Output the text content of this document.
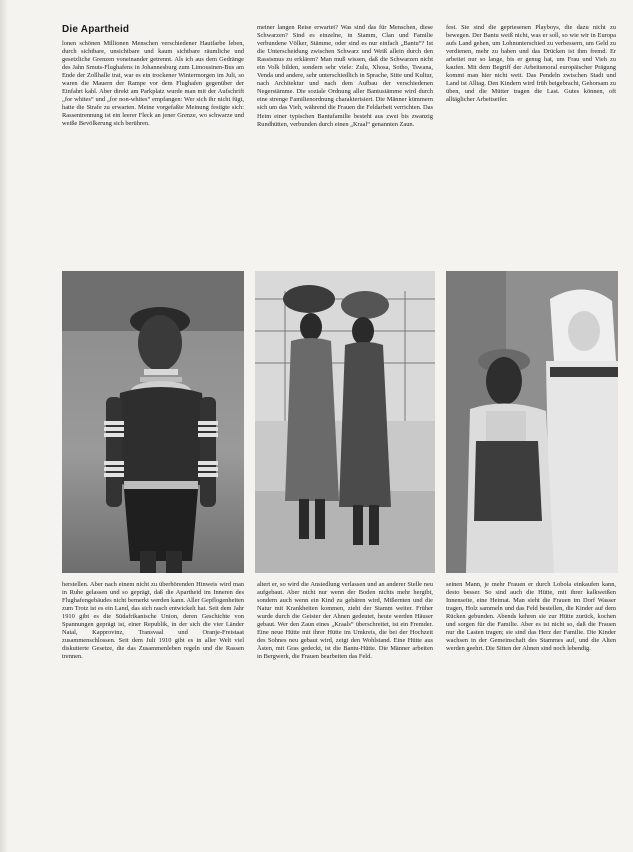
Die Apartheid

lonen schönen Millionen Menschen verschiedener Hautfarbe leben, durch sichtbare, unsichtbare und kaum sichtbare räumliche und gesetzliche Grenzen voneinander getrennt. Als ich aus dem Gedränge des Jahn Smuts-Flughafens in Johannesburg zum Limousinen-Bus am Ende der Zollhalle trat, war es ein trockener Wintermorgen im Juli, so waren die Mauern der Rampe vor dem Flughafen gegenüber der Einfahrt kahl. Aber direkt am Parkplatz wurde man mit der Aufschrift „for whites“ und „for non-whites“ empfangen: Wer sich ihr nicht fügt, hatte die Strafe zu erwarten. Meine vorgefaßte Meinung festigte sich: Rassentrennung ist ein leerer Fleck an jener Grenze, wo schwarze und weiße Bevölkerung sich berühren.

meiner langen Reise erwartet? Was sind das für Menschen, diese Schwarzen? Sind es einzelne, in Stamm, Clan und Familie verbundene Völker, Stämme, oder sind es nur einfach „Bantu“? Ist die Unterscheidung zwischen Schwarz und Weiß allein durch den Rassismus zu erklären? Man muß wissen, daß die Schwarzen nicht ein Volk bilden, sondern sehr viele: Zulu, Xhosa, Sotho, Tswana, Venda und andere, sehr unterschiedlich in Sprache, Sitte und Kultur, nach Architektur und nach dem Aufbau der verschiedenen Negerstämme. Die soziale Ordnung aller Bantustämme wird durch eine strenge Familienordnung charakterisiert. Die Männer kümmern sich um das Vieh, während die Frauen die Feldarbeit verrichten. Das Heim einer typischen Bantufamilie besteht aus zwei bis zwanzig Rundhütten, verbunden durch einen „Kraal“ genannten Zaun.

fest. Sie sind die gepriesenen Playboys, die dazu nicht zu bewegen. Der Bantu weiß nicht, was er soll, so wie wir in Europa aufs Land gehen, um Lohnunterschied zu verbessern, um Geld zu verdienen, mehr zu haben und das Drücken ist ihm fremd. Er arbeitet nur so lange, bis er genug hat, um Frau und Vieh zu kaufen. Mit dem Begriff der Arbeitsmoral europäischer Prägung kommt man hier nicht weit. Das Pendeln zwischen Stadt und Land ist Alltag. Den Kindern wird früh beigebracht, Gehorsam zu üben, und die Mütter tragen die Last. Gutes können, oft alltäglicher Arbeitseifer.

herstellen. Aber nach einem nicht zu überhörenden Hinweis wird man in Ruhe gelassen und so geprägt, daß die Apartheid im Inneren des Flughafengebäudes nicht bemerkt werden kann. Aller Gepflogenheiten zum Trotz ist es ein Land, das sich rasch entwickelt hat. Seit dem Jahr 1910 gibt es die Südafrikanische Union, deren Geschichte von Spannungen geprägt ist, einer Republik, in der sich die vier Länder Natal, Kapprovinz, Transvaal und Oranje-Freistaat zusammenschlossen. Seit dem Juli 1910 gibt es in aller Welt viel diskutierte Gesetze, die das Zusammenleben regeln und die Rassen trennen.

altert er, so wird die Ansiedlung verlassen und an anderer Stelle neu aufgebaut. Aber nicht nur wenn der Boden nichts mehr hergibt, sondern auch wenn ein Kind zu gebären wird, Mißernten und die Natur mit Krankheiten kommen, zieht der Stamm weiter. Früher wurde durch die Geister der Ahnen gedeutet, heute werden Häuser gebaut. Wer den Zaun eines „Kraals“ überschreitet, ist ein Fremder. Eine neue Hütte mit ihrer Hütte im Umkreis, die bei der Hochzeit des Sohnes neu gebaut wird, zeigt den Wohlstand. Eine Hütte aus Ästen, mit Gras gedeckt, ist die Bantu-Hütte. Die Männer arbeiten in Bergwerk, die Frauen bearbeiten das Feld.

seinen Mann, je mehr Frauen er durch Lobola einkaufen kann, desto besser. So sind auch die Hütte, mit ihrer kalkweißen Innenseite, eine Heimat. Man sieht die Frauen im Dorf Wasser tragen, Holz sammeln und das Feld bestellen, die Kinder auf dem Rücken gebunden. Abends kehren sie zur Hütte zurück, kochen und sorgen für die Familie. Aber es ist nicht so, daß die Frauen nur die Lasten tragen; sie sind das Herz der Familie. Die Kinder wachsen in der Gemeinschaft des Stammes auf, und die Alten werden geehrt. Die Sitten der Ahnen sind noch lebendig.
